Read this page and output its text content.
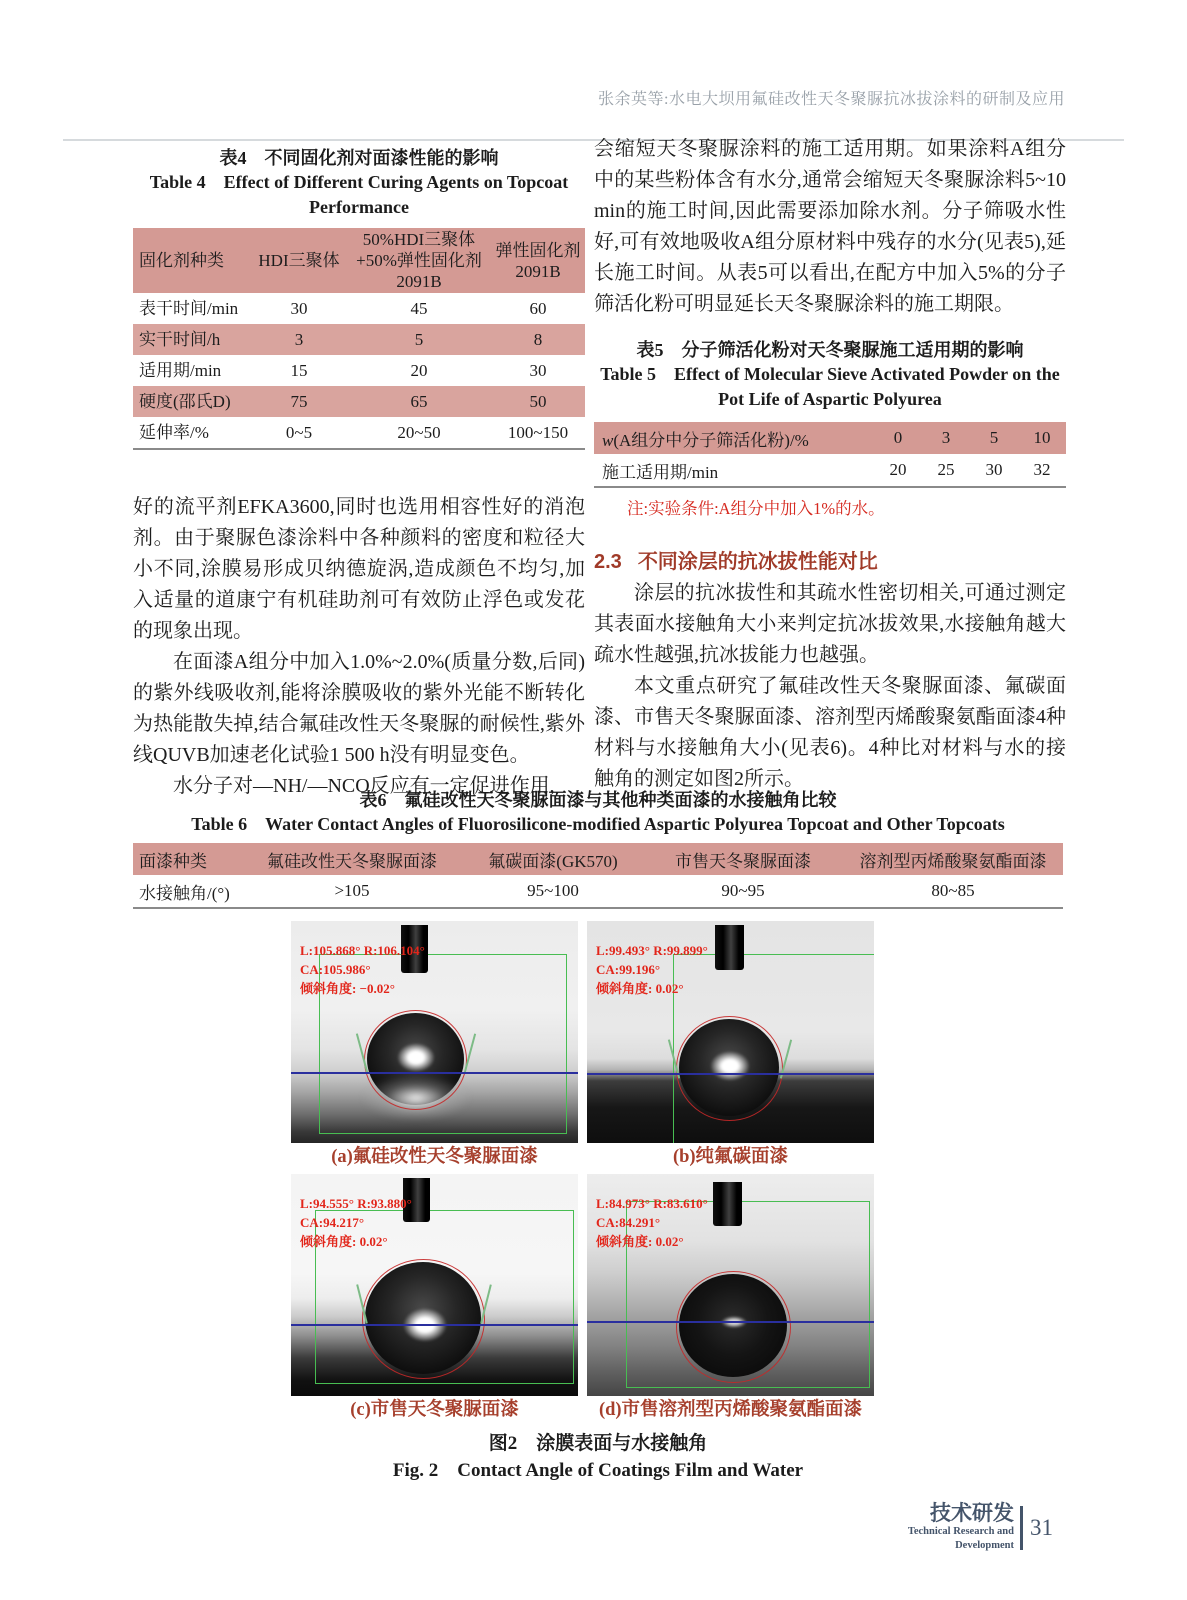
张余英等:水电大坝用氟硅改性天冬聚脲抗冰拔涂料的研制及应用
表4　不同固化剂对面漆性能的影响
Table 4　Effect of Different Curing Agents on Topcoat Performance
固化剂种类	HDI三聚体	50%HDI三聚体+50%弹性固化剂2091B	弹性固化剂2091B
表干时间/min	30	45	60
实干时间/h	3	5	8
适用期/min	15	20	30
硬度(邵氏D)	75	65	50
延伸率/%	0~5	20~50	100~150

好的流平剂EFKA3600,同时也选用相容性好的消泡剂。由于聚脲色漆涂料中各种颜料的密度和粒径大小不同,涂膜易形成贝纳德旋涡,造成颜色不均匀,加入适量的道康宁有机硅助剂可有效防止浮色或发花的现象出现。

在面漆A组分中加入1.0%~2.0%(质量分数,后同)的紫外线吸收剂,能将涂膜吸收的紫外光能不断转化为热能散失掉,结合氟硅改性天冬聚脲的耐候性,紫外线QUVB加速老化试验1 500 h没有明显变色。

水分子对—NH/—NCO反应有一定促进作用,

会缩短天冬聚脲涂料的施工适用期。如果涂料A组分中的某些粉体含有水分,通常会缩短天冬聚脲涂料5~10 min的施工时间,因此需要添加除水剂。分子筛吸水性好,可有效地吸收A组分原材料中残存的水分(见表5),延长施工时间。从表5可以看出,在配方中加入5%的分子筛活化粉可明显延长天冬聚脲涂料的施工期限。

表5　分子筛活化粉对天冬聚脲施工适用期的影响
Table 5　Effect of Molecular Sieve Activated Powder on the Pot Life of Aspartic Polyurea
w(A组分中分子筛活化粉)/%	0	3	5	10
施工适用期/min	20	25	30	32

注:实验条件:A组分中加入1%的水。

2.3 不同涂层的抗冰拔性能对比

涂层的抗冰拔性和其疏水性密切相关,可通过测定其表面水接触角大小来判定抗冰拔效果,水接触角越大疏水性越强,抗冰拔能力也越强。

本文重点研究了氟硅改性天冬聚脲面漆、氟碳面漆、市售天冬聚脲面漆、溶剂型丙烯酸聚氨酯面漆4种材料与水接触角大小(见表6)。4种比对材料与水的接触角的测定如图2所示。

表6　氟硅改性天冬聚脲面漆与其他种类面漆的水接触角比较
Table 6　Water Contact Angles of Fluorosilicone-modified Aspartic Polyurea Topcoat and Other Topcoats
面漆种类	氟硅改性天冬聚脲面漆	氟碳面漆(GK570)	市售天冬聚脲面漆	溶剂型丙烯酸聚氨酯面漆
水接触角/(°)	>105	95~100	90~95	80~85
L:105.868° R:106.104°
CA:105.986°
倾斜角度: −0.02°
(a)氟硅改性天冬聚脲面漆
L:99.493° R:99.899°
CA:99.196°
倾斜角度: 0.02°
(b)纯氟碳面漆
L:94.555° R:93.880°
CA:94.217°
倾斜角度: 0.02°
(c)市售天冬聚脲面漆
L:84.973° R:83.610°
CA:84.291°
倾斜角度: 0.02°
(d)市售溶剂型丙烯酸聚氨酯面漆
图2　涂膜表面与水接触角
Fig. 2　Contact Angle of Coatings Film and Water
技术研发
Technical Research and Development
31
